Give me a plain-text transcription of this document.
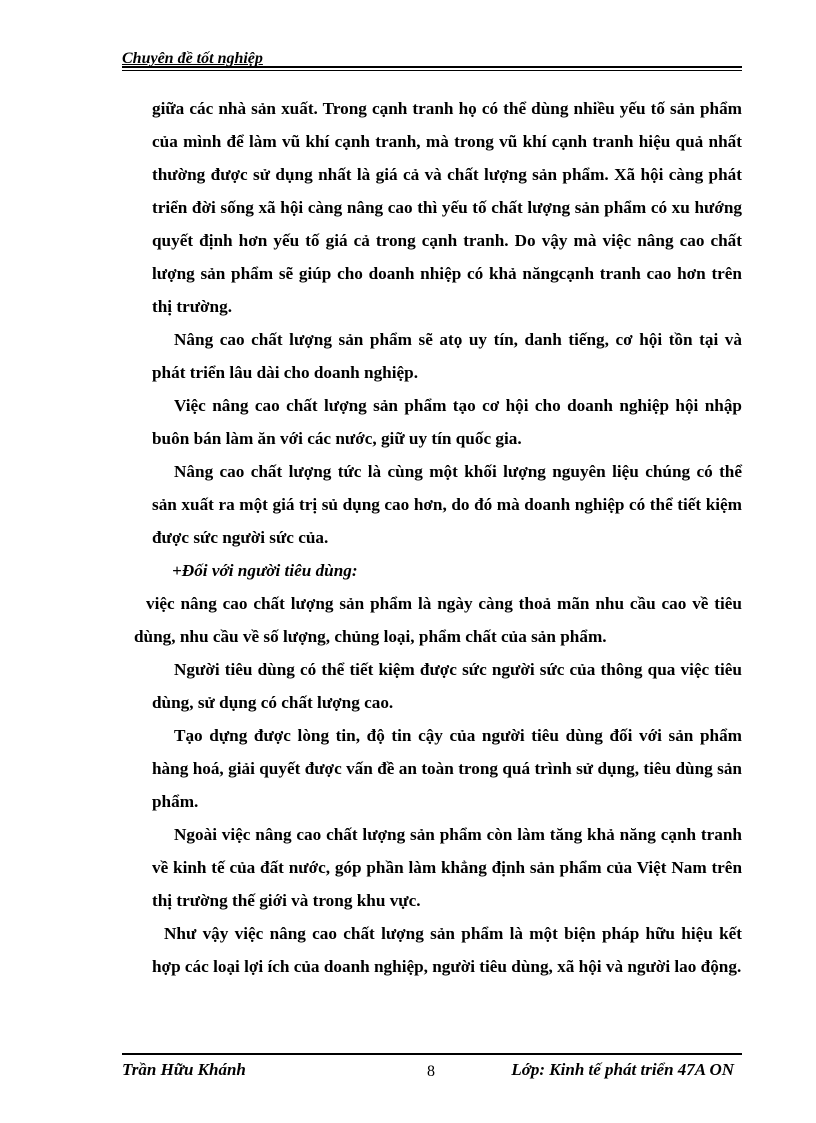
Chuyên đề tốt nghiệp

giữa các nhà sản xuất. Trong cạnh tranh họ có thể dùng nhiều yếu tố sản phẩm của mình để làm vũ khí cạnh tranh, mà trong vũ khí cạnh tranh hiệu quả nhất thường được sử dụng nhất là giá cả và chất lượng sản phẩm. Xã hội càng phát triển đời sống xã hội càng nâng cao thì yếu tố chất lượng sản phẩm có xu hướng quyết định hơn yếu tố giá cả trong cạnh tranh. Do vậy mà việc nâng cao chất lượng sản phẩm sẽ giúp cho doanh nhiệp có khả năngcạnh tranh cao hơn trên thị trường.

Nâng cao chất lượng sản phẩm sẽ atọ uy tín, danh tiếng, cơ hội tồn tại và phát triển lâu dài cho doanh nghiệp.

Việc nâng cao chất lượng sản phẩm tạo cơ hội cho doanh nghiệp hội nhập buôn bán làm ăn với các nước, giữ uy tín quốc gia.

Nâng cao chất lượng tức là cùng một khối lượng nguyên liệu chúng có thể sản xuất ra một giá trị sủ dụng cao hơn, do đó mà doanh nghiệp có thể tiết kiệm được sức người sức của.

+Đối với người tiêu dùng:

việc nâng cao chất lượng sản phẩm là ngày càng thoả mãn nhu cầu cao về tiêu dùng, nhu cầu về số lượng, chủng loại, phẩm chất của sản phẩm.

Người tiêu dùng có thể tiết kiệm được sức người sức của thông qua việc tiêu dùng, sử dụng có chất lượng cao.

Tạo dựng được lòng tin, độ tin cậy của người tiêu dùng đối với sản phẩm hàng hoá, giải quyết được vấn đề an toàn trong quá trình sử dụng, tiêu dùng sản phẩm.

Ngoài việc nâng cao chất lượng sản phẩm còn làm tăng khả năng cạnh tranh về kinh tế của đất nước, góp phần làm khẳng định sản phẩm của Việt Nam trên thị trường thế giới và trong khu vực.

Như vậy việc nâng cao chất lượng sản phẩm là một biện pháp hữu hiệu kết hợp các loại lợi ích của doanh nghiệp, người tiêu dùng, xã hội và người lao động.

Trần Hữu Khánh	8	Lớp: Kinh tế phát triển 47A ON
